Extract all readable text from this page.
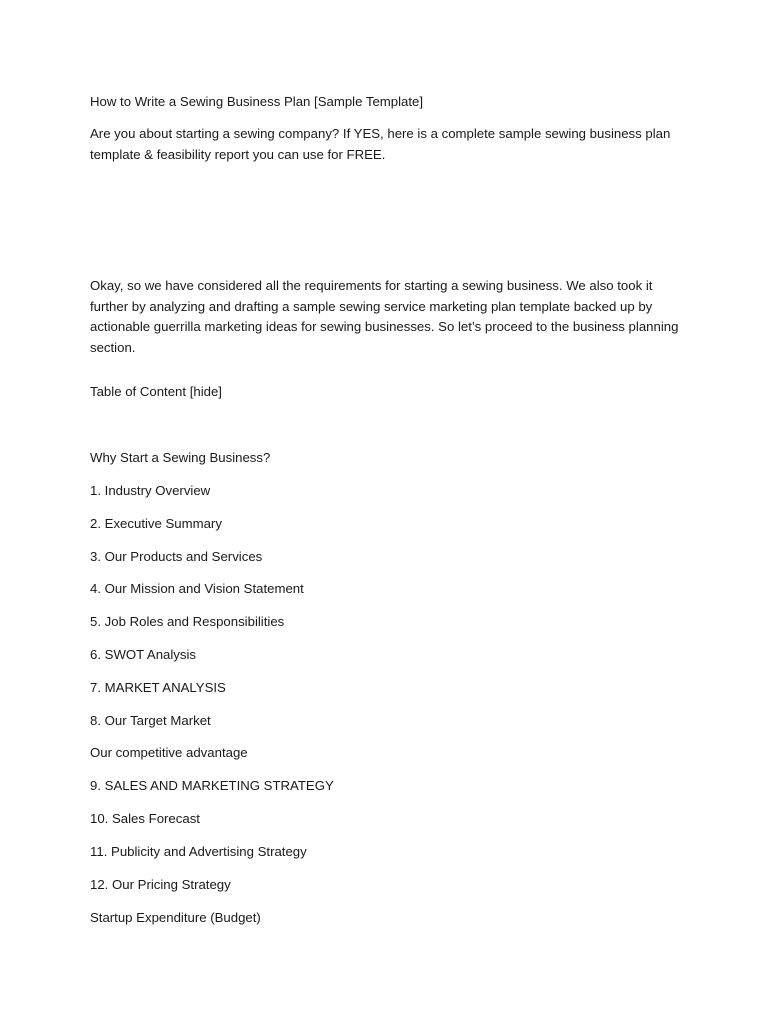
How to Write a Sewing Business Plan [Sample Template]

Are you about starting a sewing company? If YES, here is a complete sample sewing business plan template & feasibility report you can use for FREE.

Okay, so we have considered all the requirements for starting a sewing business. We also took it further by analyzing and drafting a sample sewing service marketing plan template backed up by actionable guerrilla marketing ideas for sewing businesses. So let’s proceed to the business planning section.

Table of Content [hide]

Why Start a Sewing Business?

1. Industry Overview

2. Executive Summary

3. Our Products and Services

4. Our Mission and Vision Statement

5. Job Roles and Responsibilities

6. SWOT Analysis

7. MARKET ANALYSIS

8. Our Target Market

Our competitive advantage

9. SALES AND MARKETING STRATEGY

10. Sales Forecast

11. Publicity and Advertising Strategy

12. Our Pricing Strategy

Startup Expenditure (Budget)
